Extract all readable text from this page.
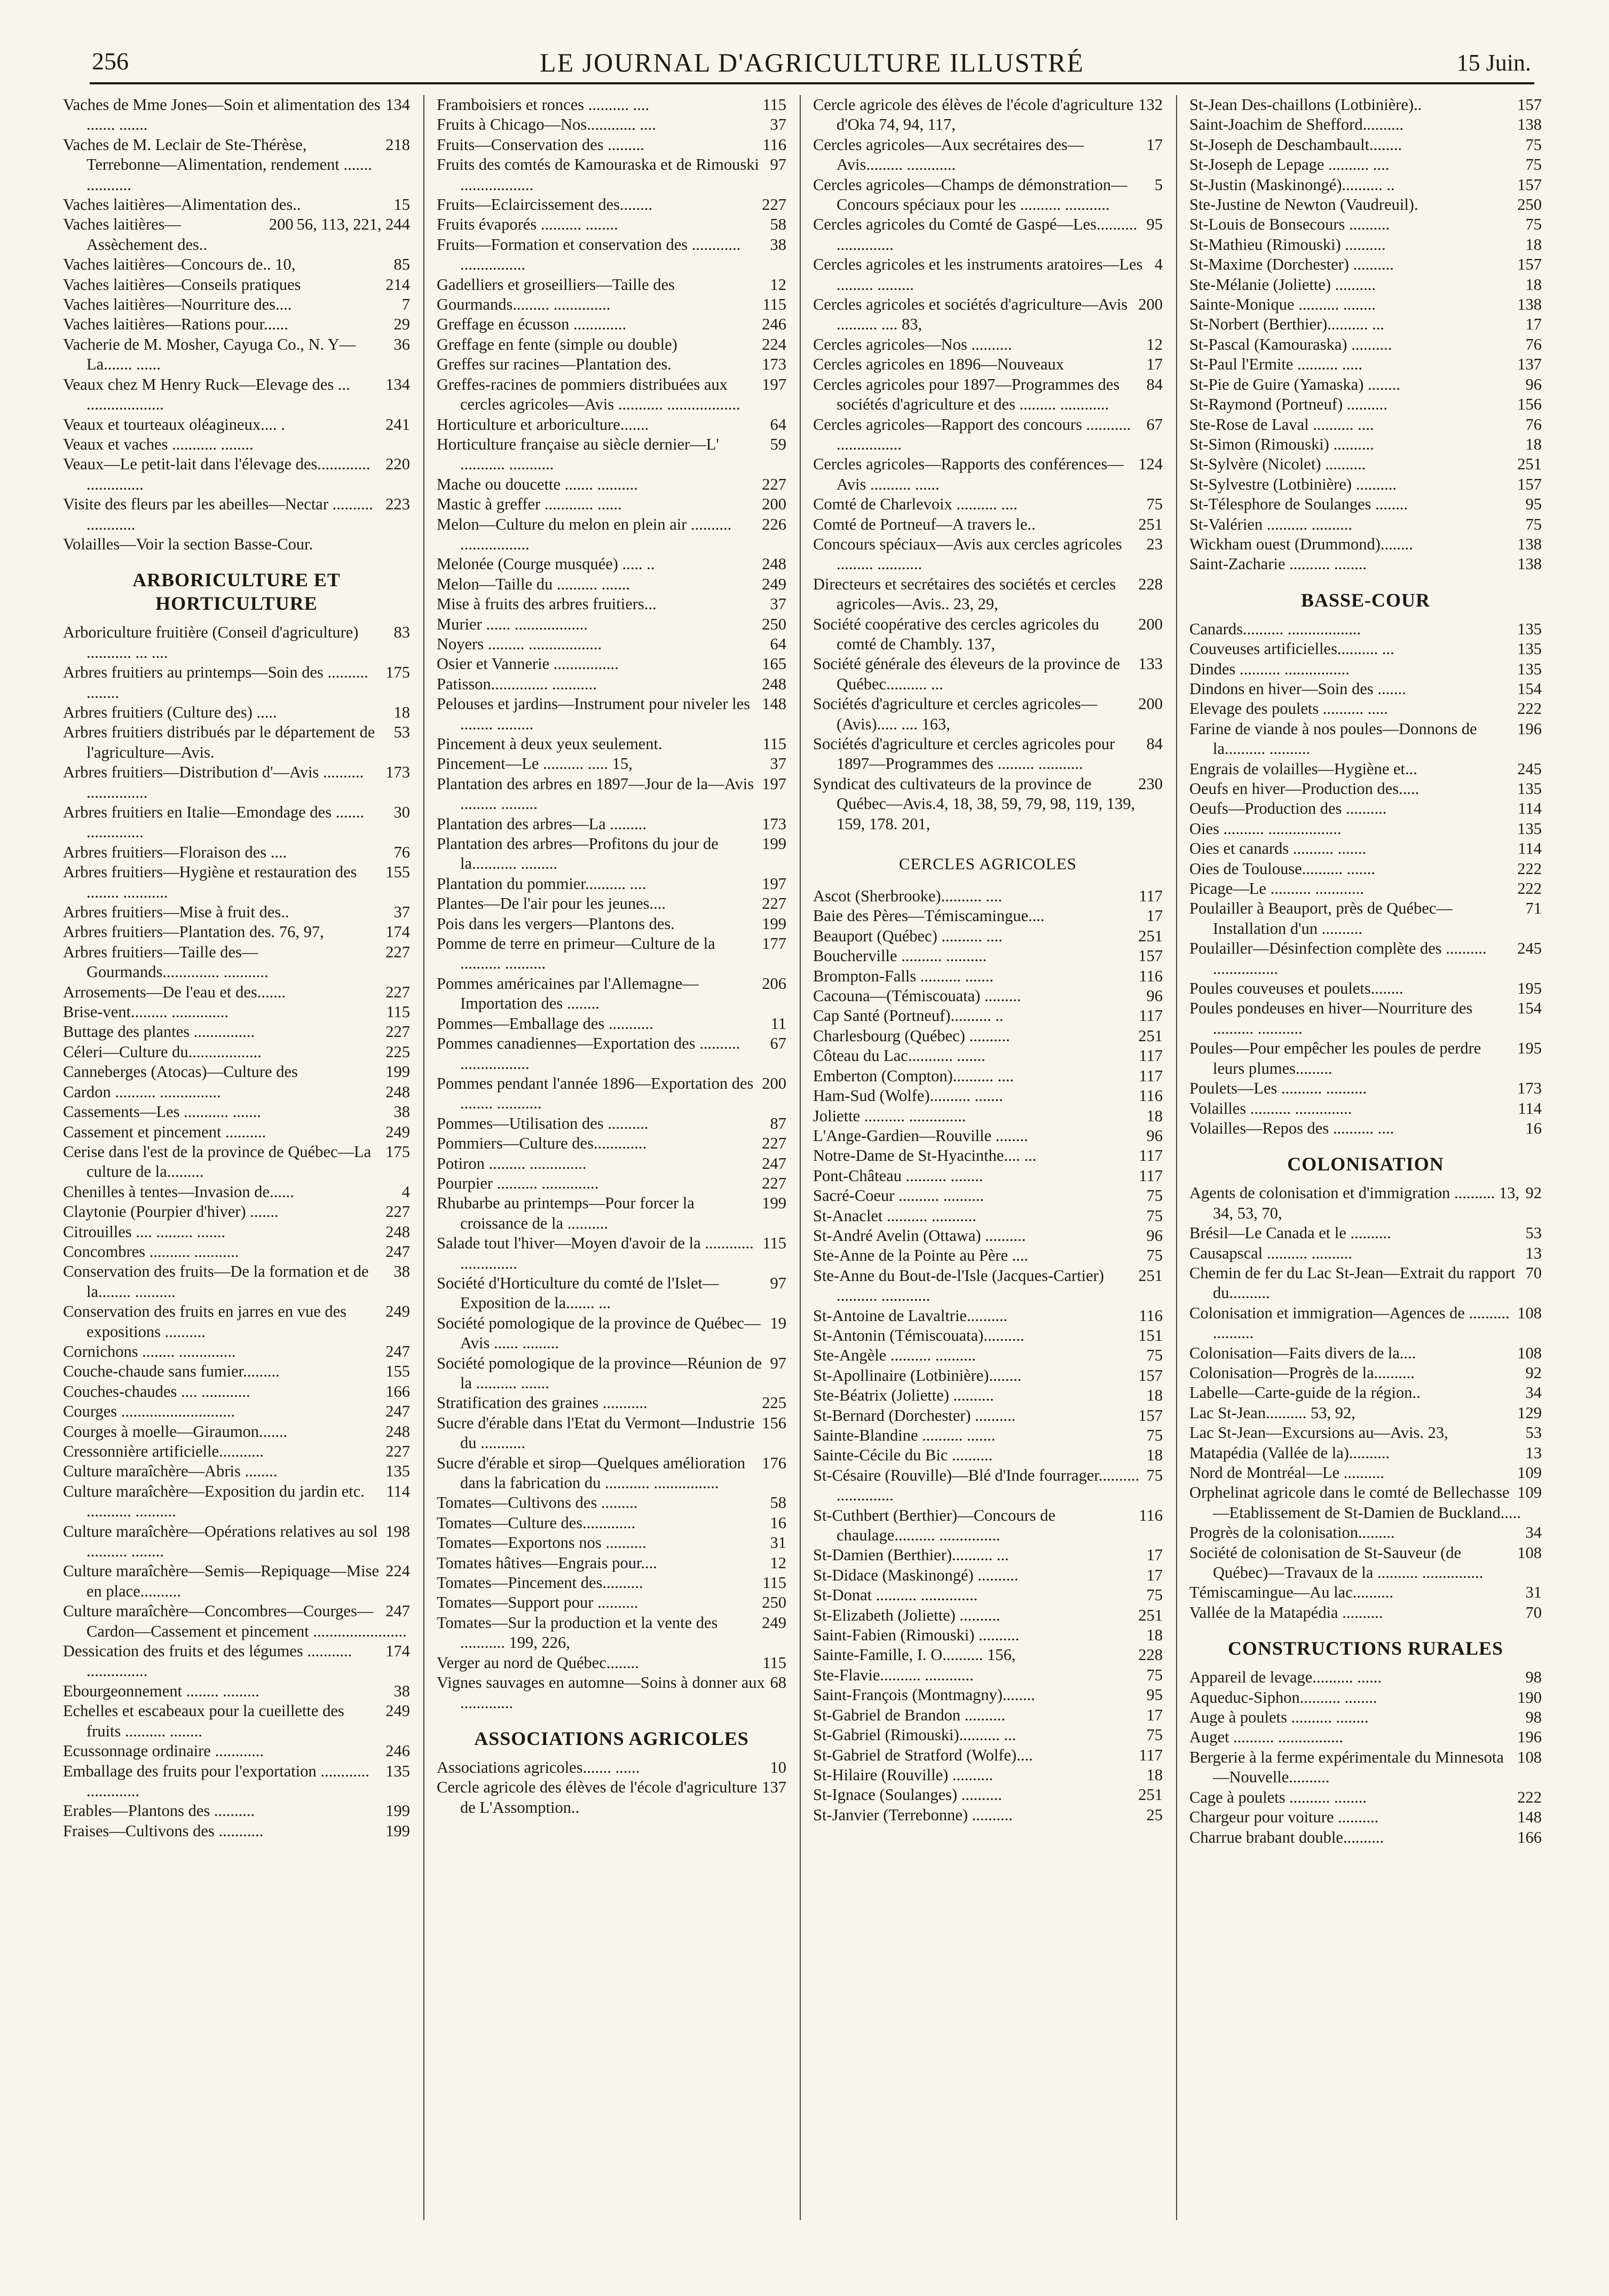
256	LE JOURNAL D'AGRICULTURE ILLUSTRÉ	15 Juin.
134
Vaches de Mme Jones—Soin et alimentation des ....... .......
218
Vaches de M. Leclair de Ste-Thérèse, Terrebonne—Alimentation, rendement ....... ...........
15
Vaches laitières—Alimentation des..
56, 113, 221, 244
200
Vaches laitières—Assèchement des..
85
Vaches laitières—Concours de.. 10,
214
Vaches laitières—Conseils pratiques
7
Vaches laitières—Nourriture des....
29
Vaches laitières—Rations pour......
36
Vacherie de M. Mosher, Cayuga Co., N. Y—La....... ......
134
Veaux chez M Henry Ruck—Elevage des ... ...................
241
Veaux et tourteaux oléagineux.... .
Veaux et vaches ........... ........
220
Veaux—Le petit-lait dans l'élevage des............. ..............
223
Visite des fleurs par les abeilles—Nectar .......... ............
Volailles—Voir la section Basse-Cour.
ARBORICULTURE ET HORTICULTURE
83
Arboriculture fruitière (Conseil d'agriculture) ........... ... ....
175
Arbres fruitiers au printemps—Soin des .......... ........
18
Arbres fruitiers (Culture des) .....
53
Arbres fruitiers distribués par le département de l'agriculture—Avis.
173
Arbres fruitiers—Distribution d'—Avis .......... ...............
30
Arbres fruitiers en Italie—Emondage des ....... ..............
76
Arbres fruitiers—Floraison des ....
155
Arbres fruitiers—Hygiène et restauration des ........ ...........
37
Arbres fruitiers—Mise à fruit des..
174
Arbres fruitiers—Plantation des. 76, 97,
227
Arbres fruitiers—Taille des—Gourmands.............. ...........
227
Arrosements—De l'eau et des.......
115
Brise-vent......... ..............
227
Buttage des plantes ...............
225
Céleri—Culture du..................
199
Canneberges (Atocas)—Culture des
248
Cardon .......... ...............
38
Cassements—Les ........... .......
249
Cassement et pincement ..........
175
Cerise dans l'est de la province de Québec—La culture de la.........
4
Chenilles à tentes—Invasion de......
227
Claytonie (Pourpier d'hiver) .......
248
Citrouilles .... ......... .......
247
Concombres .......... ...........
38
Conservation des fruits—De la formation et de la........ ..........
249
Conservation des fruits en jarres en vue des expositions ..........
247
Cornichons ........ ..............
155
Couche-chaude sans fumier.........
166
Couches-chaudes .... ............
247
Courges ............................
248
Courges à moelle—Giraumon.......
227
Cressonnière artificielle...........
135
Culture maraîchère—Abris ........
114
Culture maraîchère—Exposition du jardin etc. ........... ..........
198
Culture maraîchère—Opérations relatives au sol .......... ........
224
Culture maraîchère—Semis—Repiquage—Mise en place..........
247
Culture maraîchère—Concombres—Courges—Cardon—Cassement et pincement .......................
174
Dessication des fruits et des légumes ........... ...............
38
Ebourgeonnement ........ .........
249
Echelles et escabeaux pour la cueillette des fruits .......... ........
246
Ecussonnage ordinaire ............
135
Emballage des fruits pour l'exportation ............ .............
199
Erables—Plantons des ..........
199
Fraises—Cultivons des ...........
115
Framboisiers et ronces .......... ....
37
Fruits à Chicago—Nos............ ....
116
Fruits—Conservation des .........
97
Fruits des comtés de Kamouraska et de Rimouski ..................
227
Fruits—Eclaircissement des........
58
Fruits évaporés .......... ........
38
Fruits—Formation et conservation des ............ ................
12
Gadelliers et groseilliers—Taille des
115
Gourmands......... ..............
246
Greffage en écusson .............
224
Greffage en fente (simple ou double)
173
Greffes sur racines—Plantation des.
197
Greffes-racines de pommiers distribuées aux cercles agricoles—Avis ........... ..................
64
Horticulture et arboriculture.......
59
Horticulture française au siècle dernier—L' ........... ...........
227
Mache ou doucette ....... ..........
200
Mastic à greffer ............ ......
226
Melon—Culture du melon en plein air .......... .................
248
Melonée (Courge musquée) ..... ..
249
Melon—Taille du .......... .......
37
Mise à fruits des arbres fruitiers...
250
Murier ...... ..................
64
Noyers ......... ..................
165
Osier et Vannerie ................
248
Patisson.............. ...........
148
Pelouses et jardins—Instrument pour niveler les ........ .........
115
Pincement à deux yeux seulement.
37
Pincement—Le .......... ..... 15,
197
Plantation des arbres en 1897—Jour de la—Avis ......... .........
173
Plantation des arbres—La .........
199
Plantation des arbres—Profitons du jour de la........... .........
197
Plantation du pommier.......... ....
227
Plantes—De l'air pour les jeunes....
199
Pois dans les vergers—Plantons des.
177
Pomme de terre en primeur—Culture de la .......... ..........
206
Pommes américaines par l'Allemagne—Importation des ........
11
Pommes—Emballage des ...........
67
Pommes canadiennes—Exportation des .......... .................
200
Pommes pendant l'année 1896—Exportation des ........ ...........
87
Pommes—Utilisation des ..........
227
Pommiers—Culture des.............
247
Potiron ......... ..............
227
Pourpier .......... ..............
199
Rhubarbe au printemps—Pour forcer la croissance de la ..........
115
Salade tout l'hiver—Moyen d'avoir de la ............ ..............
97
Société d'Horticulture du comté de l'Islet—Exposition de la....... ...
19
Société pomologique de la province de Québec—Avis ...... .........
97
Société pomologique de la province—Réunion de la .......... .......
225
Stratification des graines ...........
156
Sucre d'érable dans l'Etat du Vermont—Industrie du ...........
176
Sucre d'érable et sirop—Quelques amélioration dans la fabrication du ........... ................
58
Tomates—Cultivons des .........
16
Tomates—Culture des.............
31
Tomates—Exportons nos ..........
12
Tomates hâtives—Engrais pour....
115
Tomates—Pincement des..........
250
Tomates—Support pour ..........
249
Tomates—Sur la production et la vente des ........... 199, 226,
115
Verger au nord de Québec........
68
Vignes sauvages en automne—Soins à donner aux .............
ASSOCIATIONS AGRICOLES
10
Associations agricoles....... ......
137
Cercle agricole des élèves de l'école d'agriculture de L'Assomption..
132
Cercle agricole des élèves de l'école d'agriculture d'Oka 74, 94, 117,
17
Cercles agricoles—Aux secrétaires des—Avis......... ............
5
Cercles agricoles—Champs de démonstration—Concours spéciaux pour les .......... ...........
95
Cercles agricoles du Comté de Gaspé—Les.......... ..............
4
Cercles agricoles et les instruments aratoires—Les ......... .........
200
Cercles agricoles et sociétés d'agriculture—Avis .......... .... 83,
12
Cercles agricoles—Nos ..........
17
Cercles agricoles en 1896—Nouveaux
84
Cercles agricoles pour 1897—Programmes des sociétés d'agriculture et des ......... ............
67
Cercles agricoles—Rapport des concours ........... ................
124
Cercles agricoles—Rapports des conférences—Avis .......... ......
75
Comté de Charlevoix .......... ....
251
Comté de Portneuf—A travers le..
23
Concours spéciaux—Avis aux cercles agricoles ......... ...........
228
Directeurs et secrétaires des sociétés et cercles agricoles—Avis.. 23, 29,
200
Société coopérative des cercles agricoles du comté de Chambly. 137,
133
Société générale des éleveurs de la province de Québec.......... ...
200
Sociétés d'agriculture et cercles agricoles—(Avis)..... .... 163,
84
Sociétés d'agriculture et cercles agricoles pour 1897—Programmes des ......... ...........
230
Syndicat des cultivateurs de la province de Québec—Avis.4, 18, 38, 59, 79, 98, 119, 139, 159, 178. 201,
CERCLES AGRICOLES
117
Ascot (Sherbrooke).......... ....
17
Baie des Pères—Témiscamingue....
251
Beauport (Québec) .......... ....
157
Boucherville .......... ..........
116
Brompton-Falls .......... .......
96
Cacouna—(Témiscouata) .........
117
Cap Santé (Portneuf).......... ..
251
Charlesbourg (Québec) ..........
117
Côteau du Lac........... .......
117
Emberton (Compton).......... ....
116
Ham-Sud (Wolfe).......... .......
18
Joliette .......... ..............
96
L'Ange-Gardien—Rouville ........
117
Notre-Dame de St-Hyacinthe.... ...
117
Pont-Château .......... ........
75
Sacré-Coeur .......... ..........
75
St-Anaclet .......... ...........
96
St-André Avelin (Ottawa) ..........
75
Ste-Anne de la Pointe au Père ....
251
Ste-Anne du Bout-de-l'Isle (Jacques-Cartier) .......... ............
116
St-Antoine de Lavaltrie..........
151
St-Antonin (Témiscouata)..........
75
Ste-Angèle .......... ..........
157
St-Apollinaire (Lotbinière)........
18
Ste-Béatrix (Joliette) ..........
157
St-Bernard (Dorchester) ..........
75
Sainte-Blandine .......... .......
18
Sainte-Cécile du Bic ..........
75
St-Césaire (Rouville)—Blé d'Inde fourrager.......... ..............
116
St-Cuthbert (Berthier)—Concours de chaulage.......... ...............
17
St-Damien (Berthier).......... ...
17
St-Didace (Maskinongé) ..........
75
St-Donat .......... ..............
251
St-Elizabeth (Joliette) ..........
18
Saint-Fabien (Rimouski) ..........
228
Sainte-Famille, I. O.......... 156,
75
Ste-Flavie.......... ............
95
Saint-François (Montmagny)........
17
St-Gabriel de Brandon ..........
75
St-Gabriel (Rimouski).......... ...
117
St-Gabriel de Stratford (Wolfe)....
18
St-Hilaire (Rouville) ..........
251
St-Ignace (Soulanges) ..........
25
St-Janvier (Terrebonne) ..........
157
St-Jean Des-chaillons (Lotbinière)..
138
Saint-Joachim de Shefford..........
75
St-Joseph de Deschambault........
75
St-Joseph de Lepage .......... ....
157
St-Justin (Maskinongé).......... ..
250
Ste-Justine de Newton (Vaudreuil).
75
St-Louis de Bonsecours ..........
18
St-Mathieu (Rimouski) ..........
157
St-Maxime (Dorchester) ..........
18
Ste-Mélanie (Joliette) ..........
138
Sainte-Monique .......... ........
17
St-Norbert (Berthier).......... ...
76
St-Pascal (Kamouraska) ..........
137
St-Paul l'Ermite .......... .....
96
St-Pie de Guire (Yamaska) ........
156
St-Raymond (Portneuf) ..........
76
Ste-Rose de Laval .......... ....
18
St-Simon (Rimouski) ..........
251
St-Sylvère (Nicolet) ..........
157
St-Sylvestre (Lotbinière) ..........
95
St-Télesphore de Soulanges ........
75
St-Valérien .......... ..........
138
Wickham ouest (Drummond)........
138
Saint-Zacharie .......... ........
BASSE-COUR
135
Canards.......... ..................
135
Couveuses artificielles.......... ...
135
Dindes .......... ................
154
Dindons en hiver—Soin des .......
222
Elevage des poulets .......... .....
196
Farine de viande à nos poules—Donnons de la.......... ..........
245
Engrais de volailles—Hygiène et...
135
Oeufs en hiver—Production des.....
114
Oeufs—Production des ..........
135
Oies .......... ..................
114
Oies et canards .......... .......
222
Oies de Toulouse.......... .......
222
Picage—Le .......... ............
71
Poulailler à Beauport, près de Québec—Installation d'un ..........
245
Poulailler—Désinfection complète des .......... ................
195
Poules couveuses et poulets........
154
Poules pondeuses en hiver—Nourriture des .......... ...........
195
Poules—Pour empêcher les poules de perdre leurs plumes.........
173
Poulets—Les .......... ..........
114
Volailles .......... ..............
16
Volailles—Repos des .......... ....
COLONISATION
92
Agents de colonisation et d'immigration .......... 13, 34, 53, 70,
53
Brésil—Le Canada et le ..........
13
Causapscal .......... ..........
70
Chemin de fer du Lac St-Jean—Extrait du rapport du..........
108
Colonisation et immigration—Agences de .......... ..........
108
Colonisation—Faits divers de la....
92
Colonisation—Progrès de la..........
34
Labelle—Carte-guide de la région..
129
Lac St-Jean.......... 53, 92,
53
Lac St-Jean—Excursions au—Avis. 23,
13
Matapédia (Vallée de la)..........
109
Nord de Montréal—Le ..........
109
Orphelinat agricole dans le comté de Bellechasse—Etablissement de St-Damien de Buckland.....
34
Progrès de la colonisation.........
108
Société de colonisation de St-Sauveur (de Québec)—Travaux de la .......... ...............
31
Témiscamingue—Au lac..........
70
Vallée de la Matapédia ..........
CONSTRUCTIONS RURALES
98
Appareil de levage.......... ......
190
Aqueduc-Siphon.......... ........
98
Auge à poulets .......... ........
196
Auget .......... ................
108
Bergerie à la ferme expérimentale du Minnesota—Nouvelle..........
222
Cage à poulets .......... ........
148
Chargeur pour voiture ..........
166
Charrue brabant double..........
